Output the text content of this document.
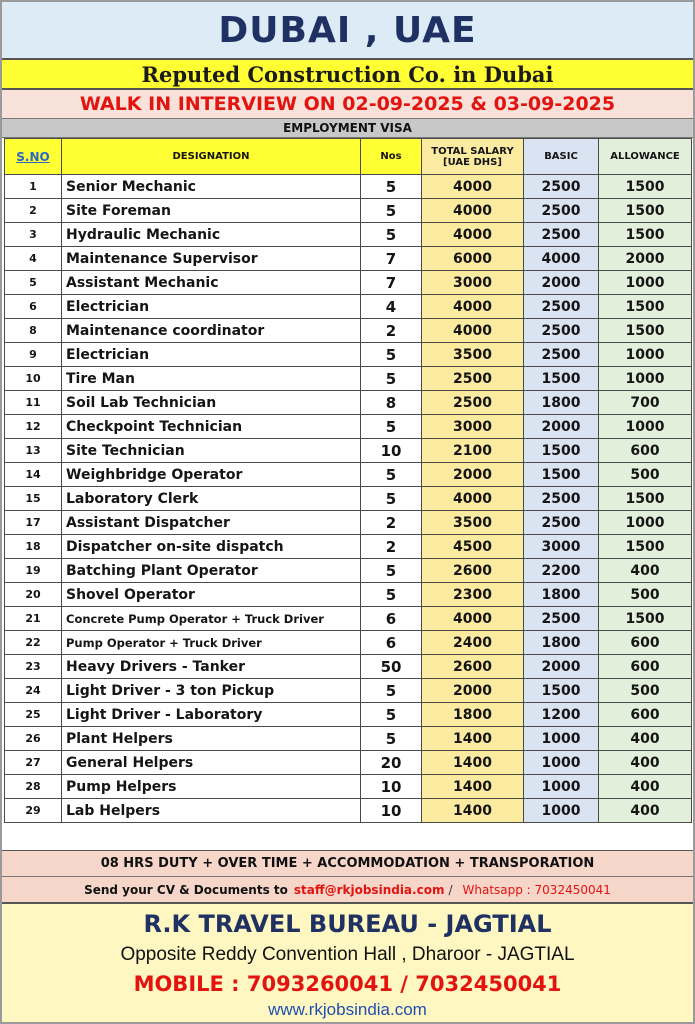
DUBAI , UAE
Reputed Construction Co. in Dubai
WALK IN INTERVIEW ON 02-09-2025 & 03-09-2025
EMPLOYMENT VISA
S.NO	DESIGNATION	Nos	TOTAL SALARY
[UAE DHS]	BASIC	ALLOWANCE
1	Senior Mechanic	5	4000	2500	1500
2	Site Foreman	5	4000	2500	1500
3	Hydraulic Mechanic	5	4000	2500	1500
4	Maintenance Supervisor	7	6000	4000	2000
5	Assistant Mechanic	7	3000	2000	1000
6	Electrician	4	4000	2500	1500
8	Maintenance coordinator	2	4000	2500	1500
9	Electrician	5	3500	2500	1000
10	Tire Man	5	2500	1500	1000
11	Soil Lab Technician	8	2500	1800	700
12	Checkpoint Technician	5	3000	2000	1000
13	Site Technician	10	2100	1500	600
14	Weighbridge Operator	5	2000	1500	500
15	Laboratory Clerk	5	4000	2500	1500
17	Assistant Dispatcher	2	3500	2500	1000
18	Dispatcher on-site dispatch	2	4500	3000	1500
19	Batching Plant Operator	5	2600	2200	400
20	Shovel Operator	5	2300	1800	500
21	Concrete Pump Operator + Truck Driver	6	4000	2500	1500
22	Pump Operator + Truck Driver	6	2400	1800	600
23	Heavy Drivers - Tanker	50	2600	2000	600
24	Light Driver - 3 ton Pickup	5	2000	1500	500
25	Light Driver - Laboratory	5	1800	1200	600
26	Plant Helpers	5	1400	1000	400
27	General Helpers	20	1400	1000	400
28	Pump Helpers	10	1400	1000	400
29	Lab Helpers	10	1400	1000	400
08 HRS DUTY + OVER TIME + ACCOMMODATION + TRANSPORATION
Send your CV & Documents to staff@rkjobsindia.com / Whatsapp : 7032450041
R.K TRAVEL BUREAU - JAGTIAL
Opposite Reddy Convention Hall , Dharoor - JAGTIAL
MOBILE : 7093260041 / 7032450041
www.rkjobsindia.com
